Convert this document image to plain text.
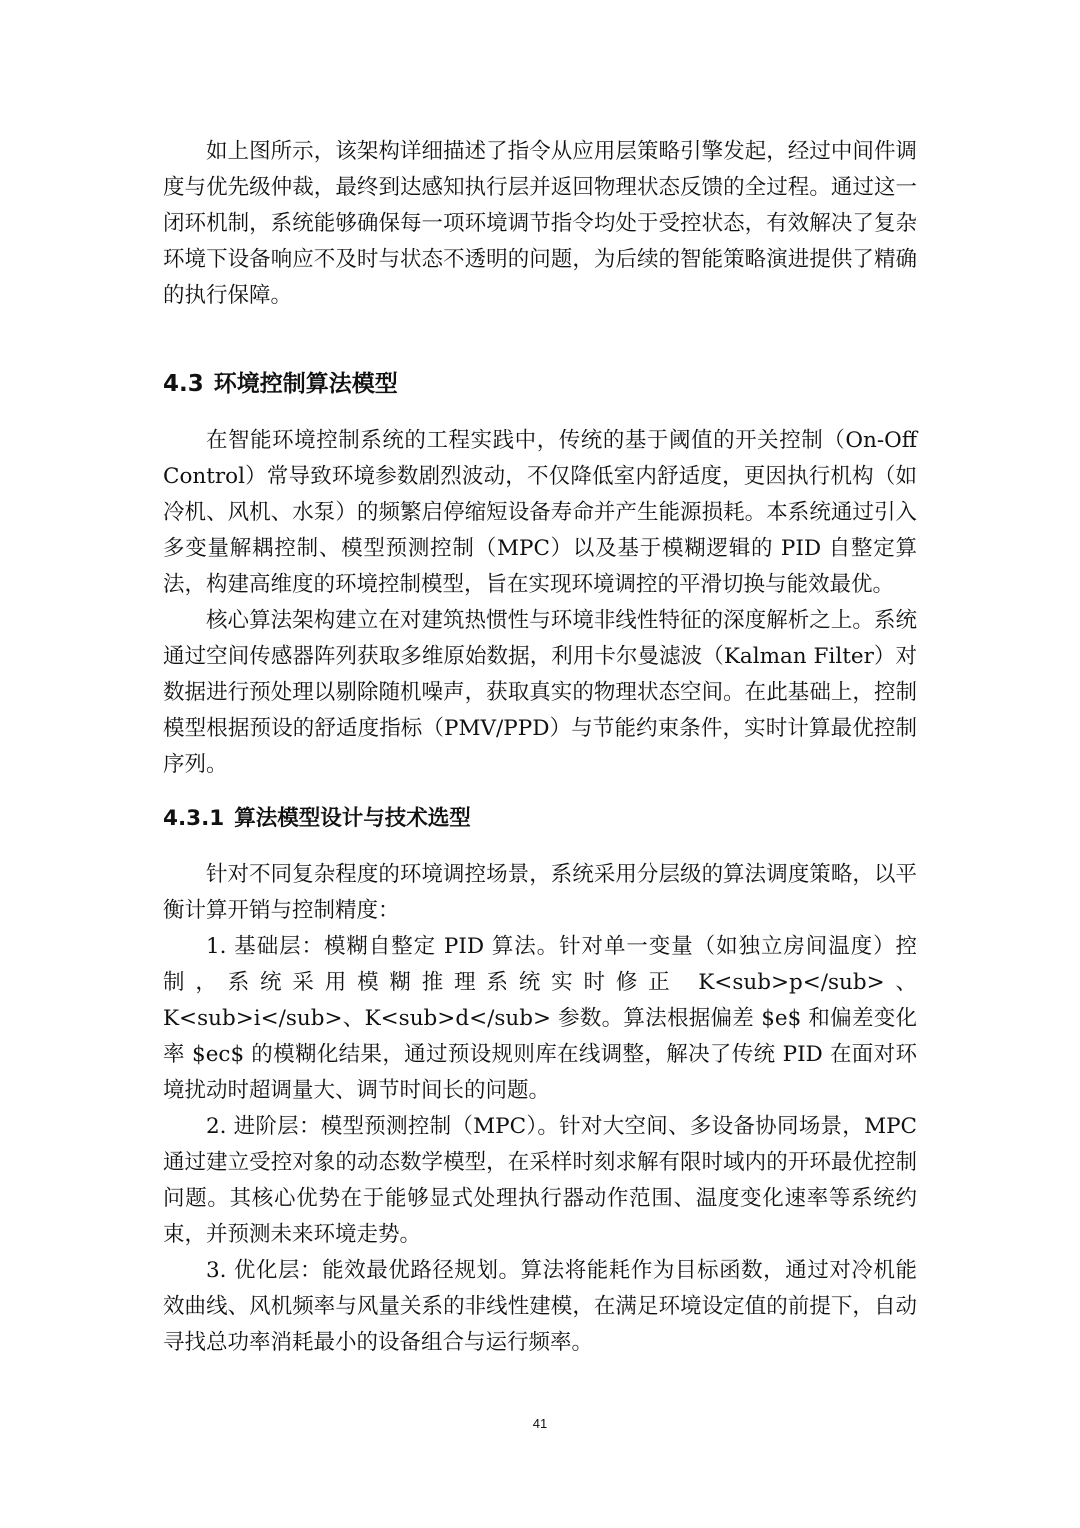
如上图所示，该架构详细描述了指令从应用层策略引擎发起，经过中间件调度与优先级仲裁，最终到达感知执行层并返回物理状态反馈的全过程。通过这一闭环机制，系统能够确保每一项环境调节指令均处于受控状态，有效解决了复杂环境下设备响应不及时与状态不透明的问题，为后续的智能策略演进提供了精确的执行保障。

4.3 环境控制算法模型

在智能环境控制系统的工程实践中，传统的基于阈值的开关控制（On-Off Control）常导致环境参数剧烈波动，不仅降低室内舒适度，更因执行机构（如冷机、风机、水泵）的频繁启停缩短设备寿命并产生能源损耗。本系统通过引入多变量解耦控制、模型预测控制（MPC）以及基于模糊逻辑的 PID 自整定算法，构建高维度的环境控制模型，旨在实现环境调控的平滑切换与能效最优。

核心算法架构建立在对建筑热惯性与环境非线性特征的深度解析之上。系统通过空间传感器阵列获取多维原始数据，利用卡尔曼滤波（Kalman Filter）对数据进行预处理以剔除随机噪声，获取真实的物理状态空间。在此基础上，控制模型根据预设的舒适度指标（PMV/PPD）与节能约束条件，实时计算最优控制序列。

4.3.1 算法模型设计与技术选型

针对不同复杂程度的环境调控场景，系统采用分层级的算法调度策略，以平衡计算开销与控制精度：

1. 基础层：模糊自整定 PID 算法。针对单一变量（如独立房间温度）控制，系统采用模糊推理系统实时修正 K<sub>p</sub>、K<sub>i</sub>、K<sub>d</sub> 参数。算法根据偏差 $e$ 和偏差变化率 $ec$ 的模糊化结果，通过预设规则库在线调整，解决了传统 PID 在面对环境扰动时超调量大、调节时间长的问题。

2. 进阶层：模型预测控制（MPC）。针对大空间、多设备协同场景，MPC 通过建立受控对象的动态数学模型，在采样时刻求解有限时域内的开环最优控制问题。其核心优势在于能够显式处理执行器动作范围、温度变化速率等系统约束，并预测未来环境走势。

3. 优化层：能效最优路径规划。算法将能耗作为目标函数，通过对冷机能效曲线、风机频率与风量关系的非线性建模，在满足环境设定值的前提下，自动寻找总功率消耗最小的设备组合与运行频率。

41
